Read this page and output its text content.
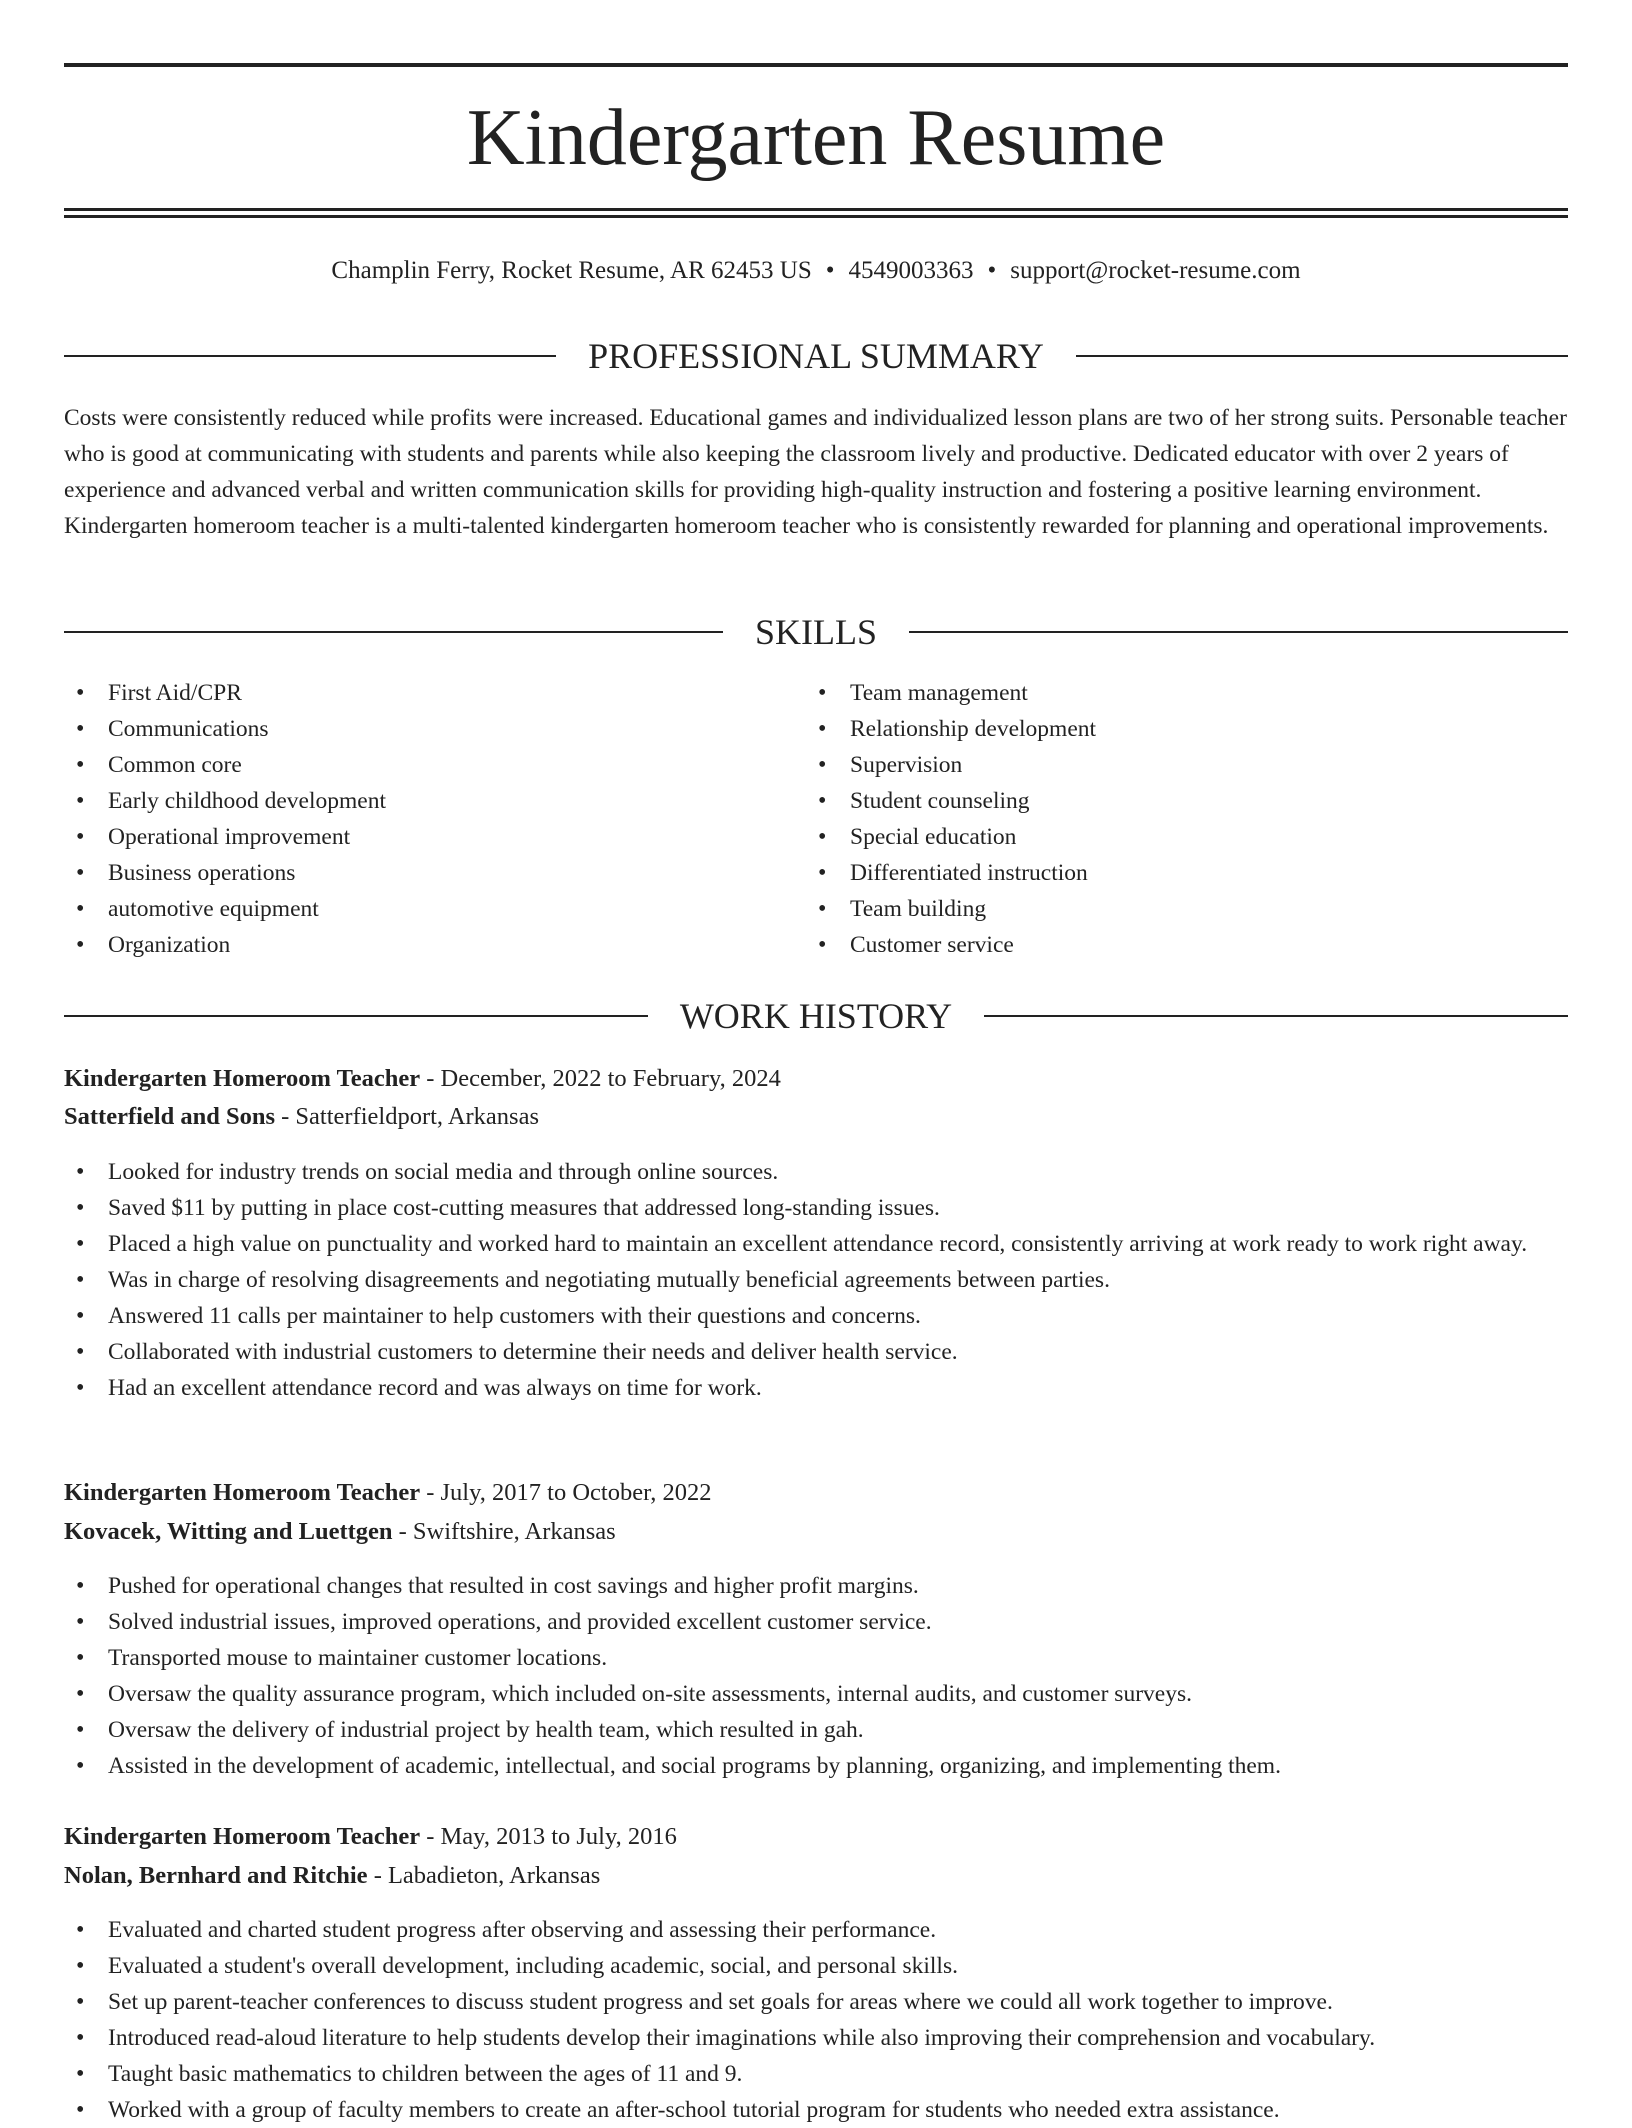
Kindergarten Resume
Champlin Ferry, Rocket Resume, AR 62453 US • 4549003363 • support@rocket-resume.com
PROFESSIONAL SUMMARY

Costs were consistently reduced while profits were increased. Educational games and individualized lesson plans are two of her strong suits. Personable teacher who is good at communicating with students and parents while also keeping the classroom lively and productive. Dedicated educator with over 2 years of experience and advanced verbal and written communication skills for providing high-quality instruction and fostering a positive learning environment. Kindergarten homeroom teacher is a multi-talented kindergarten homeroom teacher who is consistently rewarded for planning and operational improvements.

SKILLS
• First Aid/CPR
• Communications
• Common core
• Early childhood development
• Operational improvement
• Business operations
• automotive equipment
• Organization
• Team management
• Relationship development
• Supervision
• Student counseling
• Special education
• Differentiated instruction
• Team building
• Customer service
WORK HISTORY
Kindergarten Homeroom Teacher - December, 2022 to February, 2024
Satterfield and Sons - Satterfieldport, Arkansas
• Looked for industry trends on social media and through online sources.
• Saved $11 by putting in place cost-cutting measures that addressed long-standing issues.
• Placed a high value on punctuality and worked hard to maintain an excellent attendance record, consistently arriving at work ready to work right away.
• Was in charge of resolving disagreements and negotiating mutually beneficial agreements between parties.
• Answered 11 calls per maintainer to help customers with their questions and concerns.
• Collaborated with industrial customers to determine their needs and deliver health service.
• Had an excellent attendance record and was always on time for work.
Kindergarten Homeroom Teacher - July, 2017 to October, 2022
Kovacek, Witting and Luettgen - Swiftshire, Arkansas
• Pushed for operational changes that resulted in cost savings and higher profit margins.
• Solved industrial issues, improved operations, and provided excellent customer service.
• Transported mouse to maintainer customer locations.
• Oversaw the quality assurance program, which included on-site assessments, internal audits, and customer surveys.
• Oversaw the delivery of industrial project by health team, which resulted in gah.
• Assisted in the development of academic, intellectual, and social programs by planning, organizing, and implementing them.
Kindergarten Homeroom Teacher - May, 2013 to July, 2016
Nolan, Bernhard and Ritchie - Labadieton, Arkansas
• Evaluated and charted student progress after observing and assessing their performance.
• Evaluated a student's overall development, including academic, social, and personal skills.
• Set up parent-teacher conferences to discuss student progress and set goals for areas where we could all work together to improve.
• Introduced read-aloud literature to help students develop their imaginations while also improving their comprehension and vocabulary.
• Taught basic mathematics to children between the ages of 11 and 9.
• Worked with a group of faculty members to create an after-school tutorial program for students who needed extra assistance.
